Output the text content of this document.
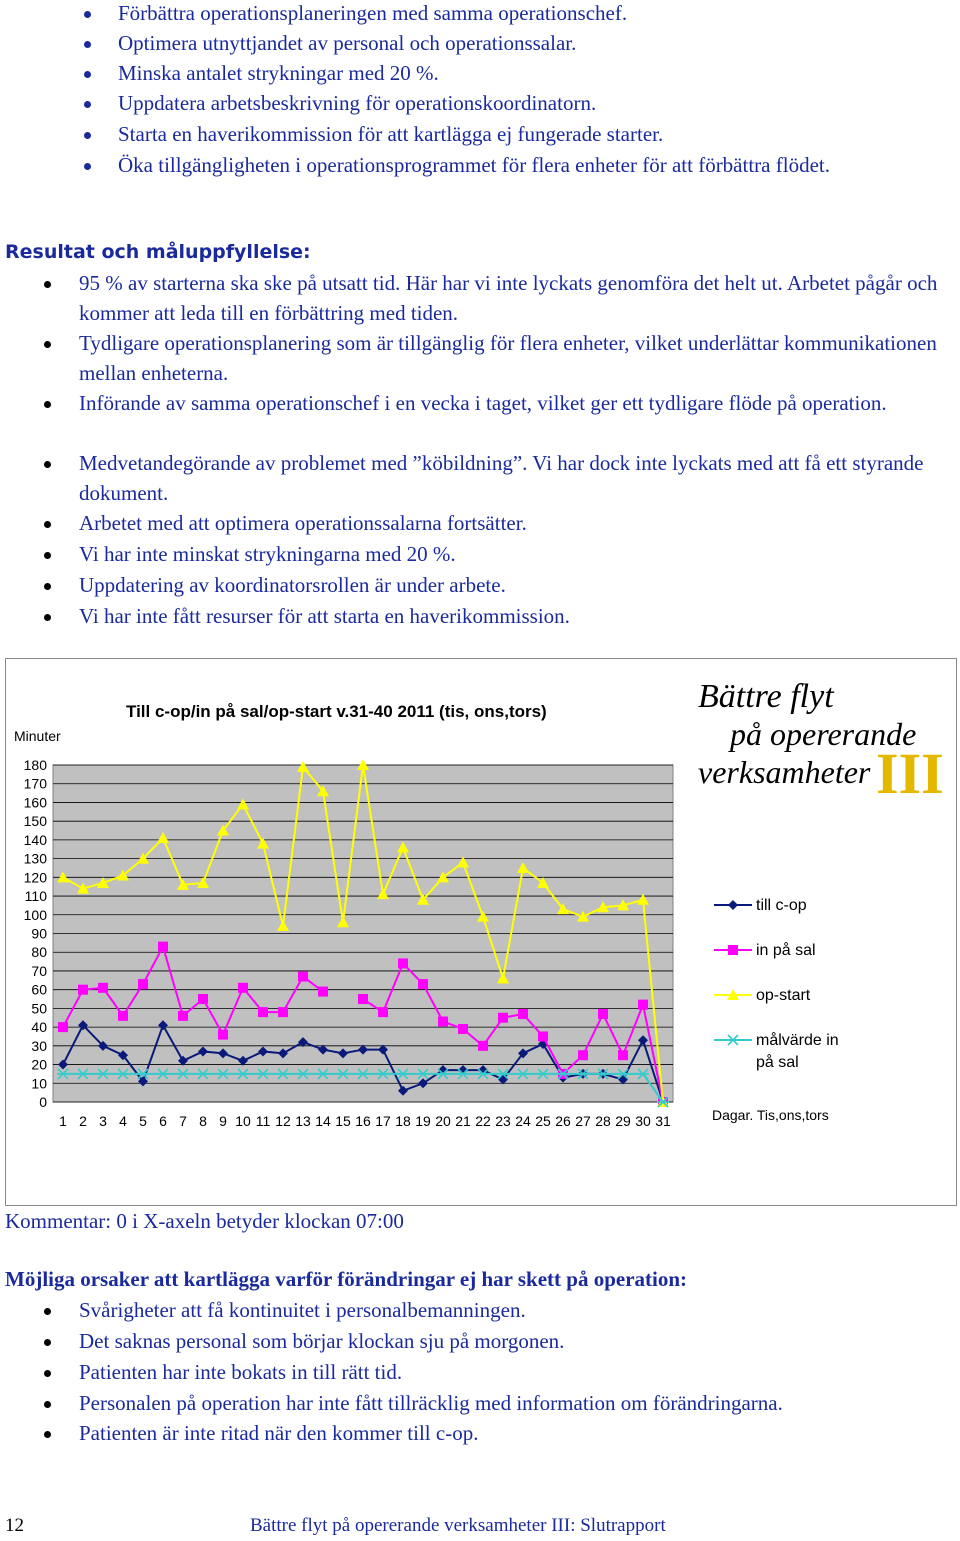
Förbättra operationsplaneringen med samma operationschef.
Optimera utnyttjandet av personal och operationssalar.
Minska antalet strykningar med 20 %.
Uppdatera arbetsbeskrivning för operationskoordinatorn.
Starta en haverikommission för att kartlägga ej fungerade starter.
Öka tillgängligheten i operationsprogrammet för flera enheter för att förbättra flödet.
Resultat och måluppfyllelse:
95 % av starterna ska ske på utsatt tid. Här har vi inte lyckats genomföra det helt ut. Arbetet pågår och kommer att leda till en förbättring med tiden.
Tydligare operationsplanering som är tillgänglig för flera enheter, vilket underlättar kommunikationen mellan enheterna.
Införande av samma operationschef i en vecka i taget, vilket ger ett tydligare flöde på operation.
Medvetandegörande av problemet med ”köbildning”. Vi har dock inte lyckats med att få ett styrande dokument.
Arbetet med att optimera operationssalarna fortsätter.
Vi har inte minskat strykningarna med 20 %.
Uppdatering av koordinatorsrollen är under arbete.
Vi har inte fått resurser för att starta en haverikommission.
Till c-op/in på sal/op-start v.31-40 2011 (tis, ons,tors)
Minuter
Dagar. Tis,ons,tors
Bättre flyt
på opererande
verksamheter III
0
10
20
30
40
50
60
70
80
90
100
110
120
130
140
150
160
170
180
1 2 3 4 5 6 7 8 9 10 11 12 13 14 15 16 17 18 19 20 21 22 23 24 25 26 27 28 29 30 31
till c-op
in på sal
op-start
målvärde in
på sal
Kommentar: 0 i X-axeln betyder klockan 07:00
Möjliga orsaker att kartlägga varför förändringar ej har skett på operation:
Svårigheter att få kontinuitet i personalbemanningen.
Det saknas personal som börjar klockan sju på morgonen.
Patienten har inte bokats in till rätt tid.
Personalen på operation har inte fått tillräcklig med information om förändringarna.
Patienten är inte ritad när den kommer till c-op.
12	Bättre flyt på opererande verksamheter III: Slutrapport
